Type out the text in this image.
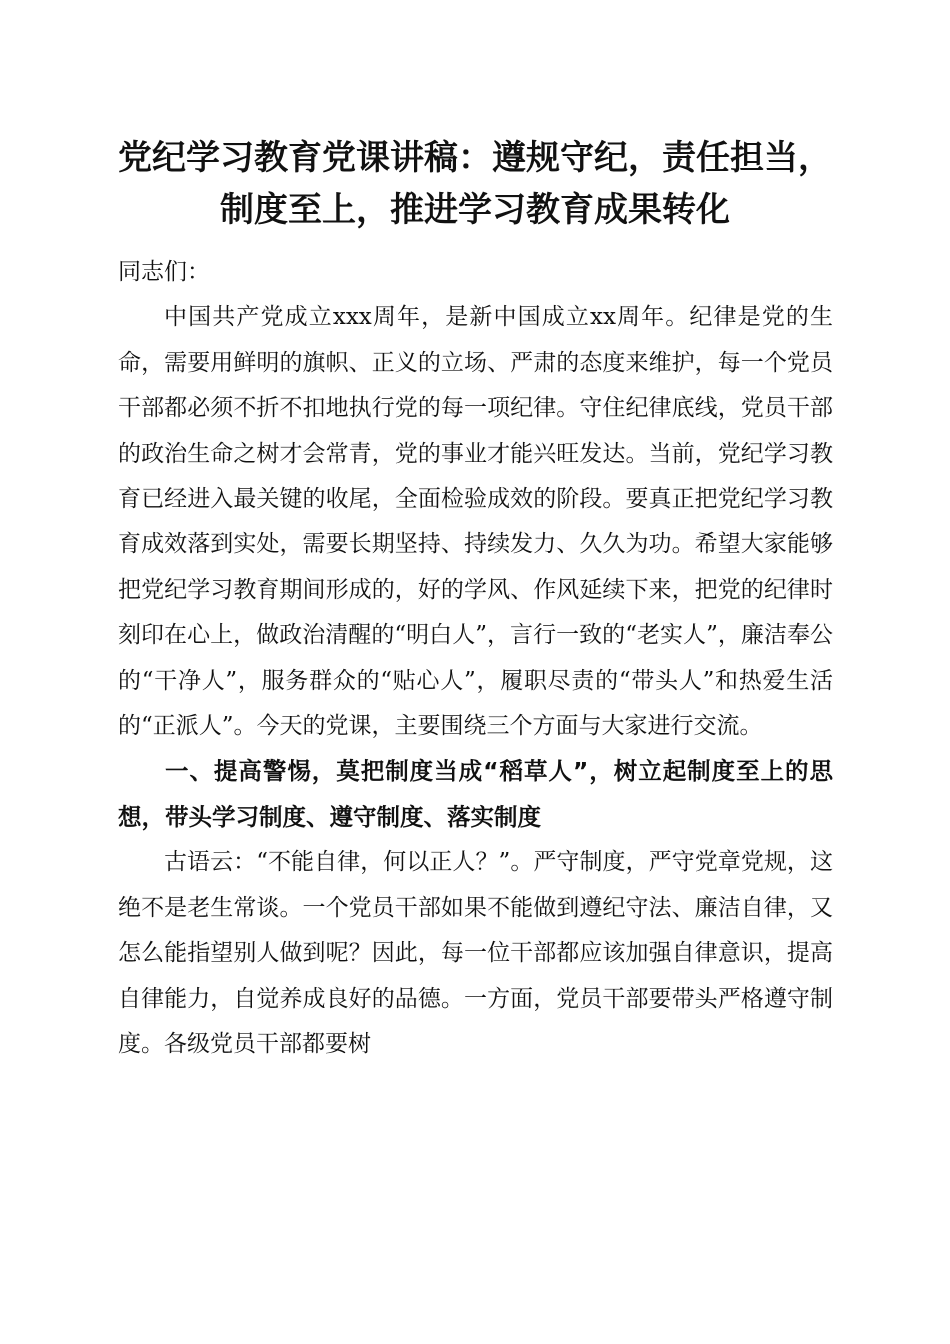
党纪学习教育党课讲稿：遵规守纪，责任担当，
制度至上，推进学习教育成果转化

同志们：

中国共产党成立xxx周年，是新中国成立xx周年。纪律是党的生命，需要用鲜明的旗帜、正义的立场、严肃的态度来维护，每一个党员干部都必须不折不扣地执行党的每一项纪律。守住纪律底线，党员干部的政治生命之树才会常青，党的事业才能兴旺发达。当前，党纪学习教育已经进入最关键的收尾，全面检验成效的阶段。要真正把党纪学习教育成效落到实处，需要长期坚持、持续发力、久久为功。希望大家能够把党纪学习教育期间形成的，好的学风、作风延续下来，把党的纪律时刻印在心上，做政治清醒的“明白人”，言行一致的“老实人”，廉洁奉公的“干净人”，服务群众的“贴心人”，履职尽责的“带头人”和热爱生活的“正派人”。今天的党课，主要围绕三个方面与大家进行交流。

一、提高警惕，莫把制度当成“稻草人”，树立起制度至上的思想，带头学习制度、遵守制度、落实制度

古语云：“不能自律，何以正人？”。严守制度，严守党章党规，这绝不是老生常谈。一个党员干部如果不能做到遵纪守法、廉洁自律，又怎么能指望别人做到呢？因此，每一位干部都应该加强自律意识，提高自律能力，自觉养成良好的品德。一方面，党员干部要带头严格遵守制度。各级党员干部都要树
